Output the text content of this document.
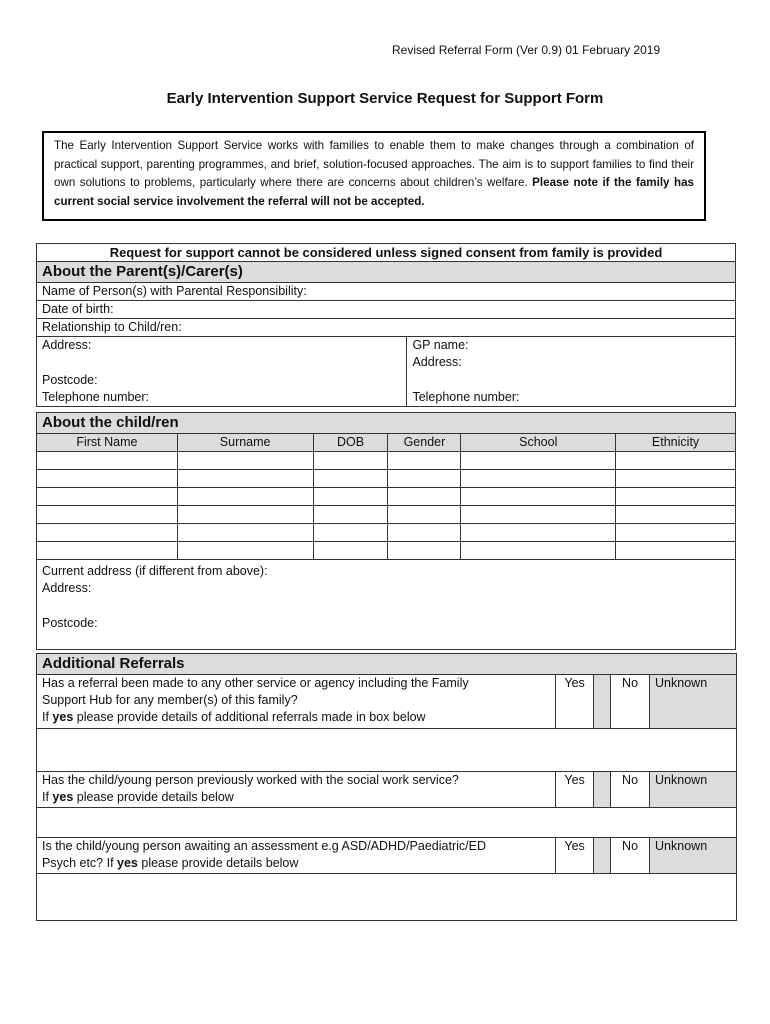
Revised Referral Form (Ver 0.9) 01 February 2019
Early Intervention Support Service Request for Support Form
The Early Intervention Support Service works with families to enable them to make changes through a combination of practical support, parenting programmes, and brief, solution-focused approaches. The aim is to support families to find their own solutions to problems, particularly where there are concerns about children’s welfare. Please note if the family has current social service involvement the referral will not be accepted.
Request for support cannot be considered unless signed consent from family is provided
About the Parent(s)/Carer(s)
Name of Person(s) with Parental Responsibility:
Date of birth:
Relationship to Child/ren:

Address:
Postcode:
Telephone number:

GP name:
Address:
Telephone number:
About the child/ren					
First Name	Surname	DOB	Gender	School	Ethnicity

Current address (if different from above):
Address:
Postcode:					
Additional Referrals				

Has a referral been made to any other service or agency including the Family
Support Hub for any member(s) of this family?
If yes please provide details of additional referrals made in box below	Yes		No	Unknown

Has the child/young person previously worked with the social work service?
If yes please provide details below	Yes		No	Unknown

Is the child/young person awaiting an assessment e.g ASD/ADHD/Paediatric/ED
Psych etc? If yes please provide details below	Yes		No	Unknown
